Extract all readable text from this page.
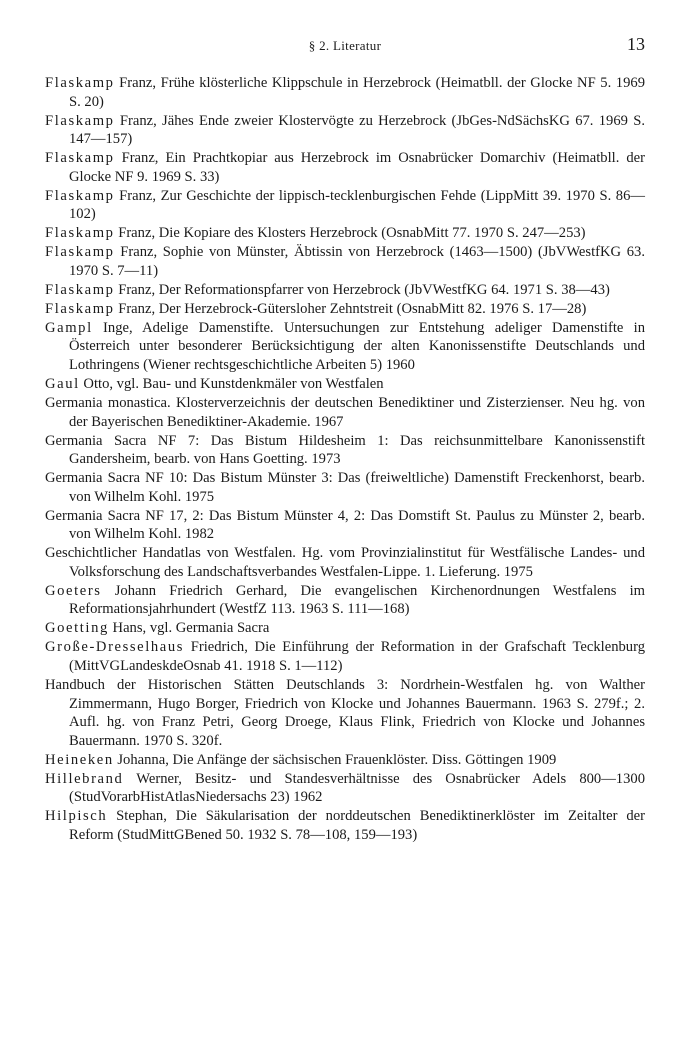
§ 2. Literatur	13

Flaskamp Franz, Frühe klösterliche Klippschule in Herzebrock (Heimatbll. der Glocke NF 5. 1969 S. 20)

Flaskamp Franz, Jähes Ende zweier Klostervögte zu Herzebrock (JbGes-NdSächsKG 67. 1969 S. 147—157)

Flaskamp Franz, Ein Prachtkopiar aus Herzebrock im Osnabrücker Domarchiv (Heimatbll. der Glocke NF 9. 1969 S. 33)

Flaskamp Franz, Zur Geschichte der lippisch-tecklenburgischen Fehde (LippMitt 39. 1970 S. 86—102)

Flaskamp Franz, Die Kopiare des Klosters Herzebrock (OsnabMitt 77. 1970 S. 247—253)

Flaskamp Franz, Sophie von Münster, Äbtissin von Herzebrock (1463—1500) (JbVWestfKG 63. 1970 S. 7—11)

Flaskamp Franz, Der Reformationspfarrer von Herzebrock (JbVWestfKG 64. 1971 S. 38—43)

Flaskamp Franz, Der Herzebrock-Gütersloher Zehntstreit (OsnabMitt 82. 1976 S. 17—28)

Gampl Inge, Adelige Damenstifte. Untersuchungen zur Entstehung adeliger Damenstifte in Österreich unter besonderer Berücksichtigung der alten Kanonissenstifte Deutschlands und Lothringens (Wiener rechtsgeschichtliche Arbeiten 5) 1960

Gaul Otto, vgl. Bau- und Kunstdenkmäler von Westfalen

Germania monastica. Klosterverzeichnis der deutschen Benediktiner und Zisterzienser. Neu hg. von der Bayerischen Benediktiner-Akademie. 1967

Germania Sacra NF 7: Das Bistum Hildesheim 1: Das reichsunmittelbare Kanonissenstift Gandersheim, bearb. von Hans Goetting. 1973

Germania Sacra NF 10: Das Bistum Münster 3: Das (freiweltliche) Damenstift Freckenhorst, bearb. von Wilhelm Kohl. 1975

Germania Sacra NF 17, 2: Das Bistum Münster 4, 2: Das Domstift St. Paulus zu Münster 2, bearb. von Wilhelm Kohl. 1982

Geschichtlicher Handatlas von Westfalen. Hg. vom Provinzialinstitut für Westfälische Landes- und Volksforschung des Landschaftsverbandes Westfalen-Lippe. 1. Lieferung. 1975

Goeters Johann Friedrich Gerhard, Die evangelischen Kirchenordnungen Westfalens im Reformationsjahrhundert (WestfZ 113. 1963 S. 111—168)

Goetting Hans, vgl. Germania Sacra

Große-Dresselhaus Friedrich, Die Einführung der Reformation in der Grafschaft Tecklenburg (MittVGLandeskdeOsnab 41. 1918 S. 1—112)

Handbuch der Historischen Stätten Deutschlands 3: Nordrhein-Westfalen hg. von Walther Zimmermann, Hugo Borger, Friedrich von Klocke und Johannes Bauermann. 1963 S. 279f.; 2. Aufl. hg. von Franz Petri, Georg Droege, Klaus Flink, Friedrich von Klocke und Johannes Bauermann. 1970 S. 320f.

Heineken Johanna, Die Anfänge der sächsischen Frauenklöster. Diss. Göttingen 1909

Hillebrand Werner, Besitz- und Standesverhältnisse des Osnabrücker Adels 800—1300 (StudVorarbHistAtlasNiedersachs 23) 1962

Hilpisch Stephan, Die Säkularisation der norddeutschen Benediktinerklöster im Zeitalter der Reform (StudMittGBened 50. 1932 S. 78—108, 159—193)
